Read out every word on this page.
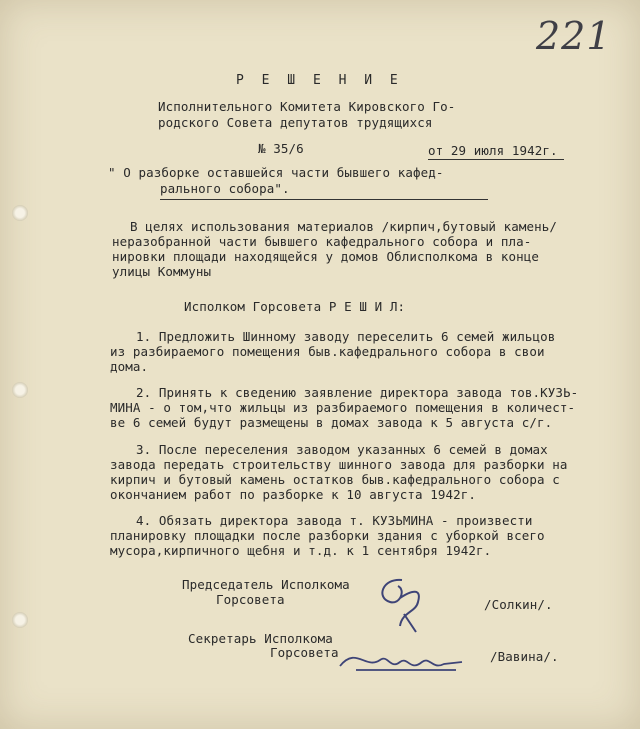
221
Р Е Ш Е Н И Е
Исполнительного Комитета Кировского Го-
родского Совета депутатов трудящихся
№ 35/6	от 29 июля 1942г.
" О разборке оставшейся части бывшего кафед-
рального собора".
В целях использования материалов /кирпич,бутовый камень/
неразобранной части бывшего кафедрального собора и пла-
нировки площади находящейся у домов Облисполкома в конце
улицы Коммуны
Исполком Горсовета Р Е Ш И Л:
1. Предложить Шинному заводу переселить 6 семей жильцов
из разбираемого помещения быв.кафедрального собора в свои
дома.
2. Принять к сведению заявление директора завода тов.КУЗЬ-
МИНА - о том,что жильцы из разбираемого помещения в количест-
ве 6 семей будут размещены в домах завода к 5 августа с/г.
3. После переселения заводом указанных 6 семей в домах
завода передать строительству шинного завода для разборки на
кирпич и бутовый камень остатков быв.кафедрального собора с
окончанием работ по разборке к 10 августа 1942г.
4. Обязать директора завода т. КУЗЬМИНА - произвести
планировку площадки после разборки здания с уборкой всего
мусора,кирпичного щебня и т.д. к 1 сентября 1942г.
Председатель Исполкома
Горсовета	/Солкин/.
Секретарь Исполкома
Горсовета	/Вавина/.
